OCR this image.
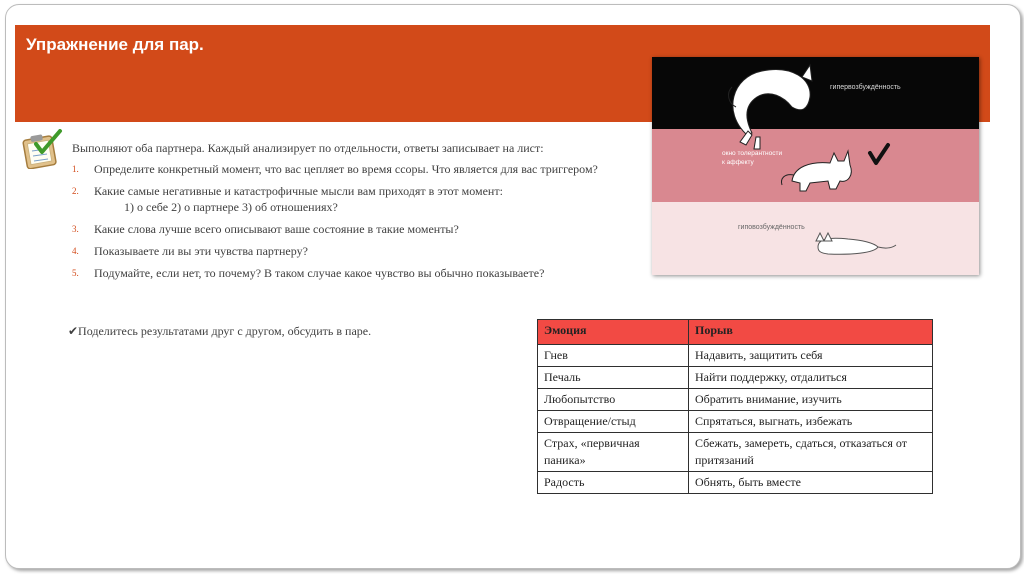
Упражнение для пар.
Выполняют оба партнера. Каждый анализирует по отдельности, ответы записывает на лист:
1. Определите конкретный момент, что вас цепляет во время ссоры. Что является для вас триггером?
2. Какие самые негативные и катастрофичные мысли вам приходят в этот момент:
1) о себе 2) о партнере 3) об отношениях?
3. Какие слова лучше всего описывают ваше состояние в такие моменты?
4. Показываете ли вы эти чувства партнеру?
5. Подумайте, если нет, то почему? В таком случае какое чувство вы обычно показываете?
✔Поделитесь результатами друг с другом, обсудить в паре.
гипервозбуждённость
окно толерантности
к аффекту
гиповозбуждённость
Эмоция	Порыв
Гнев	Надавить, защитить себя
Печаль	Найти поддержку, отдалиться
Любопытство	Обратить внимание, изучить
Отвращение/стыд	Спрятаться, выгнать, избежать
Страх, «первичная паника»	Сбежать, замереть, сдаться, отказаться от притязаний
Радость	Обнять, быть вместе
